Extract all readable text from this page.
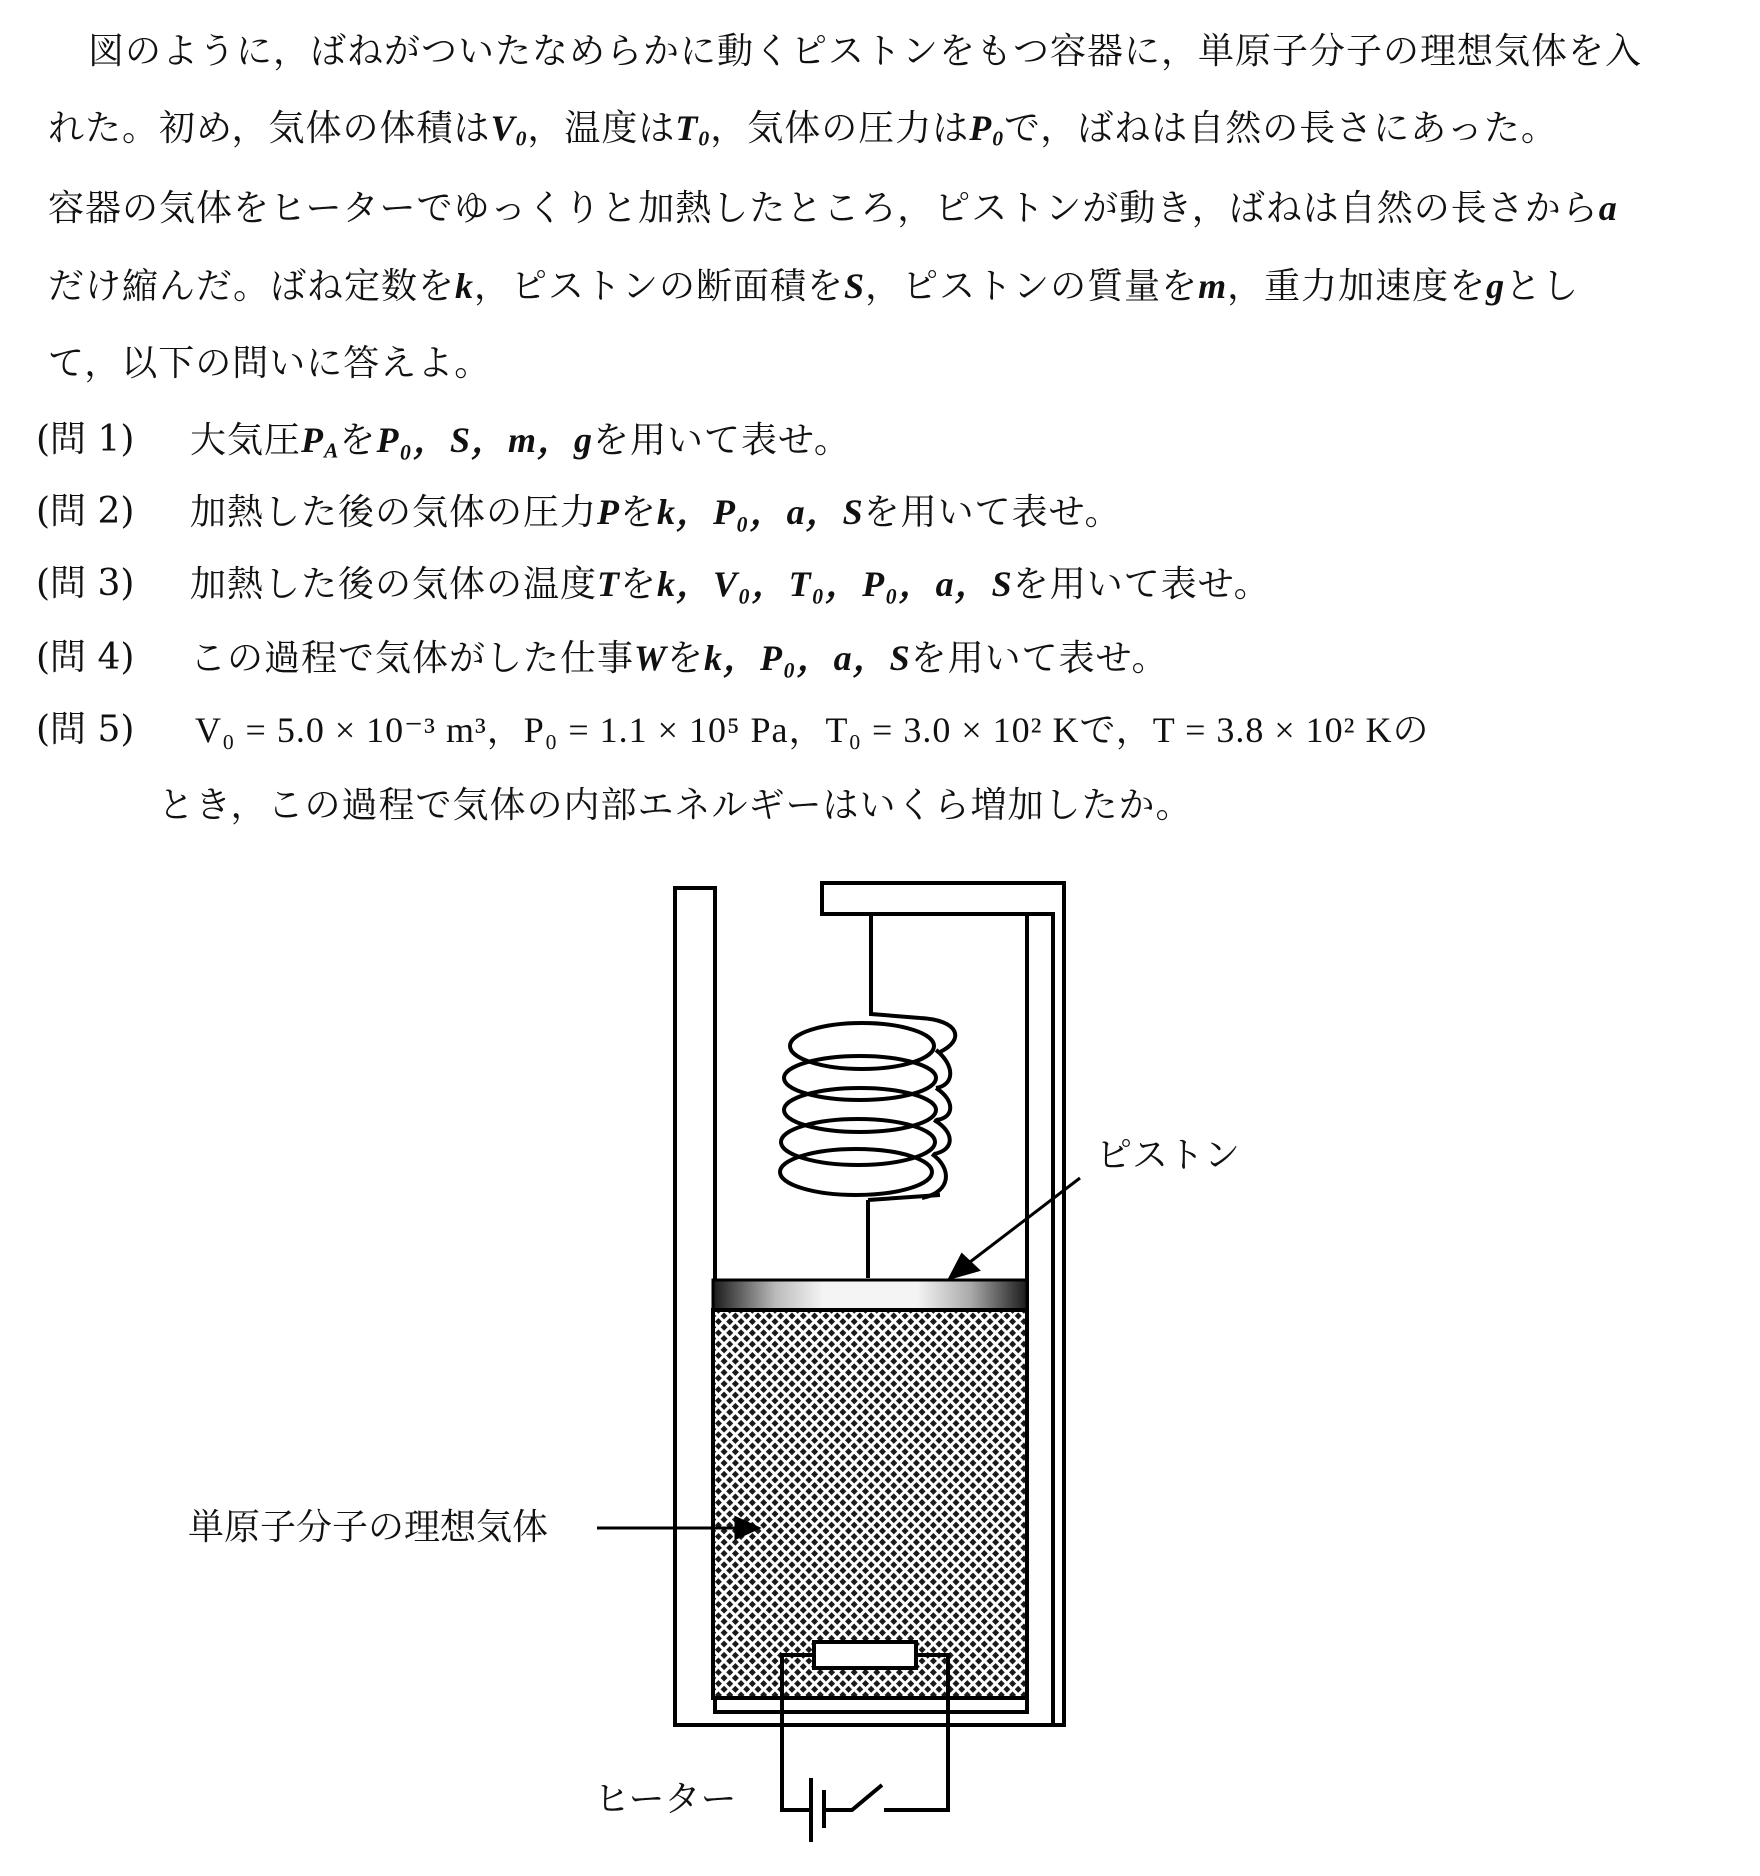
図のように，ばねがついたなめらかに動くピストンをもつ容器に，単原子分子の理想気体を入
れた。初め，気体の体積は$V_0$，温度は$T_0$，気体の圧力は$P_0$で，ばねは自然の長さにあった。
容器の気体をヒーターでゆっくりと加熱したところ，ピストンが動き，ばねは自然の長さからa
だけ縮んだ。ばね定数をk，ピストンの断面積をS，ピストンの質量をm，重力加速度をgとし
て，以下の問いに答えよ。
(問 1) 大気圧$P_A$をP₀，S，m，gを用いて表せ。
(問 2) 加熱した後の気体の圧力Pをk，P₀，a，Sを用いて表せ。
(問 3) 加熱した後の気体の温度Tをk，V₀，T₀，P₀，a，Sを用いて表せ。
(問 4) この過程で気体がした仕事Wをk，P₀，a，Sを用いて表せ。
(問 5) V₀ = 5.0 × 10⁻³ m³，P₀ = 1.1 × 10⁵ Pa，T₀ = 3.0 × 10² Kで，T = 3.8 × 10² Kの
とき，この過程で気体の内部エネルギーはいくら増加したか。
ピストン
単原子分子の理想気体
ヒーター
